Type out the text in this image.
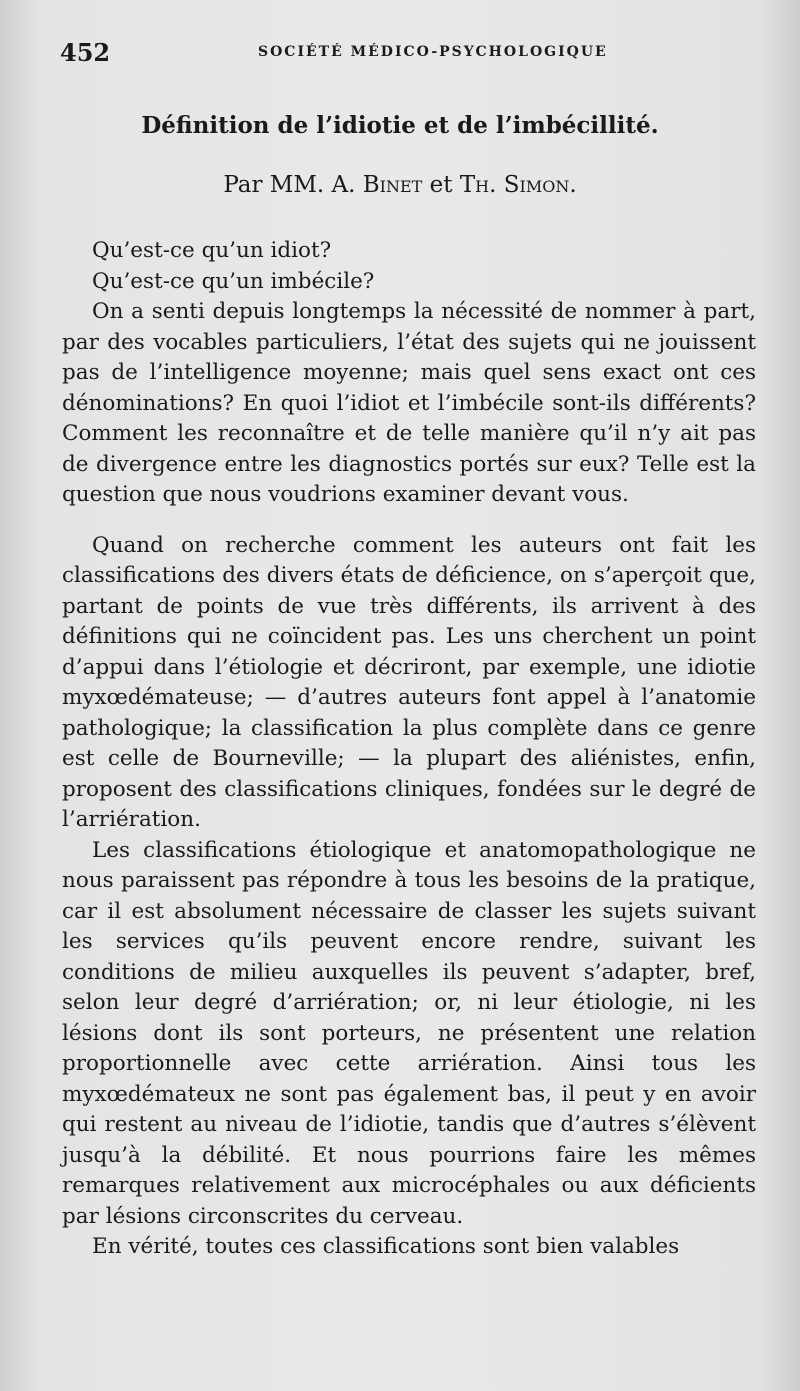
452	SOCIÉTÉ MÉDICO-PSYCHOLOGIQUE
Définition de l’idiotie et de l’imbécillité.
Par MM. A. Binet et Th. Simon.

Qu’est-ce qu’un idiot?

Qu’est-ce qu’un imbécile?

On a senti depuis longtemps la nécessité de nommer à part, par des vocables particuliers, l’état des sujets qui ne jouissent pas de l’intelligence moyenne; mais quel sens exact ont ces dénominations? En quoi l’idiot et l’imbécile sont-ils différents? Comment les reconnaître et de telle manière qu’il n’y ait pas de divergence entre les diagnostics portés sur eux? Telle est la question que nous voudrions examiner devant vous.

Quand on recherche comment les auteurs ont fait les classifications des divers états de déficience, on s’aperçoit que, partant de points de vue très différents, ils arrivent à des définitions qui ne coïncident pas. Les uns cherchent un point d’appui dans l’étiologie et décriront, par exemple, une idiotie myxœdémateuse; — d’autres auteurs font appel à l’anatomie pathologique; la classification la plus complète dans ce genre est celle de Bourneville; — la plupart des aliénistes, enfin, proposent des classifications cliniques, fondées sur le degré de l’arriération.

Les classifications étiologique et anatomopathologique ne nous paraissent pas répondre à tous les besoins de la pratique, car il est absolument nécessaire de classer les sujets suivant les services qu’ils peuvent encore rendre, suivant les conditions de milieu auxquelles ils peuvent s’adapter, bref, selon leur degré d’arriération; or, ni leur étiologie, ni les lésions dont ils sont porteurs, ne présentent une relation proportionnelle avec cette arriération. Ainsi tous les myxœdémateux ne sont pas également bas, il peut y en avoir qui restent au niveau de l’idiotie, tandis que d’autres s’élèvent jusqu’à la débilité. Et nous pourrions faire les mêmes remarques relativement aux microcéphales ou aux déficients par lésions circonscrites du cerveau.

En vérité, toutes ces classifications sont bien valables
